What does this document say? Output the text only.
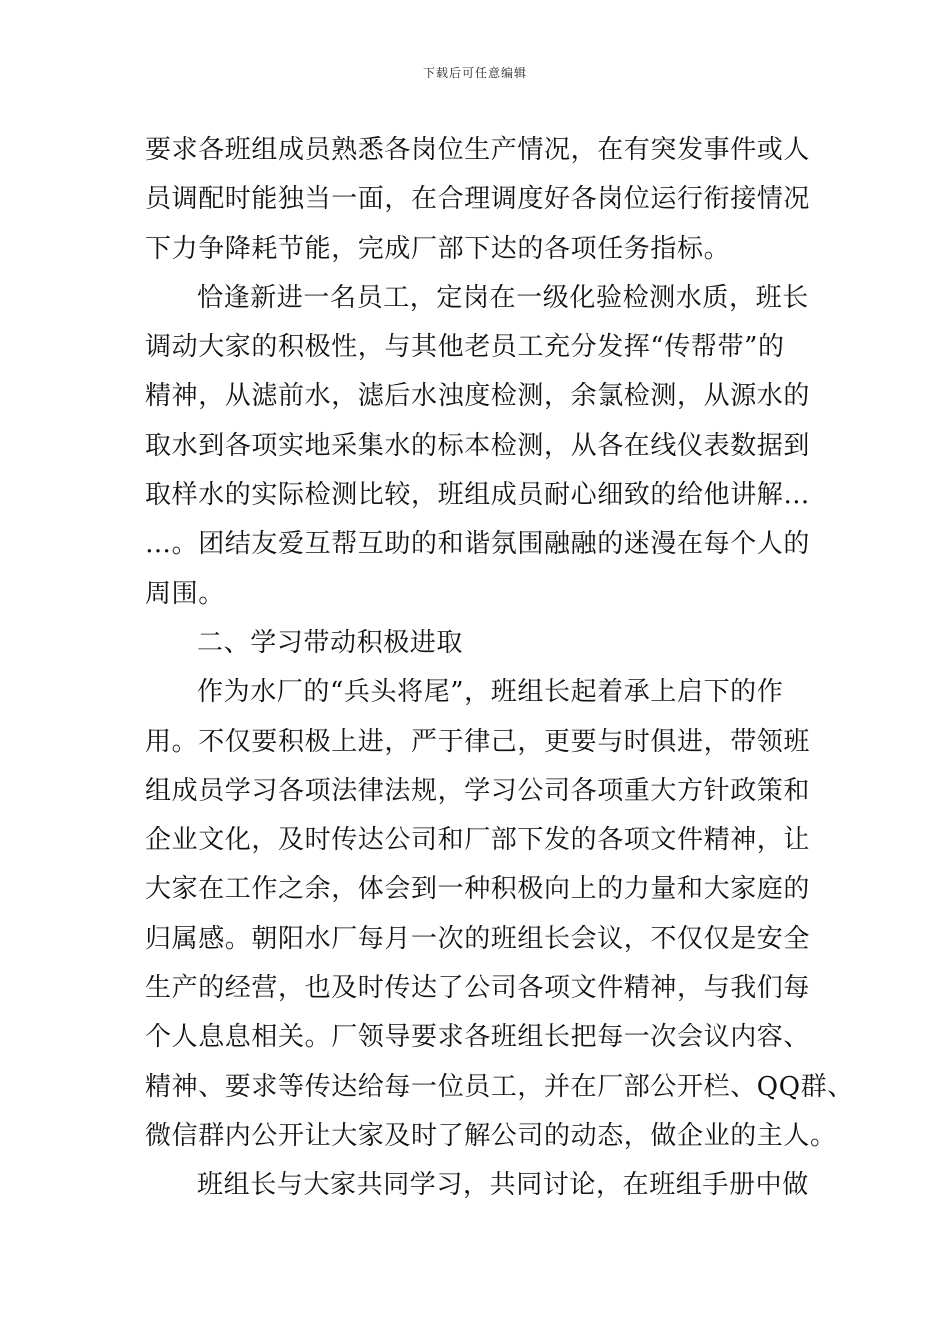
下载后可任意编辑
要求各班组成员熟悉各岗位生产情况，在有突发事件或人
员调配时能独当一面，在合理调度好各岗位运行衔接情况
下力争降耗节能，完成厂部下达的各项任务指标。
恰逢新进一名员工，定岗在一级化验检测水质，班长
调动大家的积极性，与其他老员工充分发挥“传帮带”的
精神，从滤前水，滤后水浊度检测，余氯检测，从源水的
取水到各项实地采集水的标本检测，从各在线仪表数据到
取样水的实际检测比较，班组成员耐心细致的给他讲解…
…。团结友爱互帮互助的和谐氛围融融的迷漫在每个人的
周围。
二、学习带动积极进取
作为水厂的“兵头将尾”，班组长起着承上启下的作
用。不仅要积极上进，严于律己，更要与时俱进，带领班
组成员学习各项法律法规，学习公司各项重大方针政策和
企业文化，及时传达公司和厂部下发的各项文件精神，让
大家在工作之余，体会到一种积极向上的力量和大家庭的
归属感。朝阳水厂每月一次的班组长会议，不仅仅是安全
生产的经营，也及时传达了公司各项文件精神，与我们每
个人息息相关。厂领导要求各班组长把每一次会议内容、
精神、要求等传达给每一位员工，并在厂部公开栏、QQ群、
微信群内公开让大家及时了解公司的动态，做企业的主人。
班组长与大家共同学习，共同讨论，在班组手册中做
